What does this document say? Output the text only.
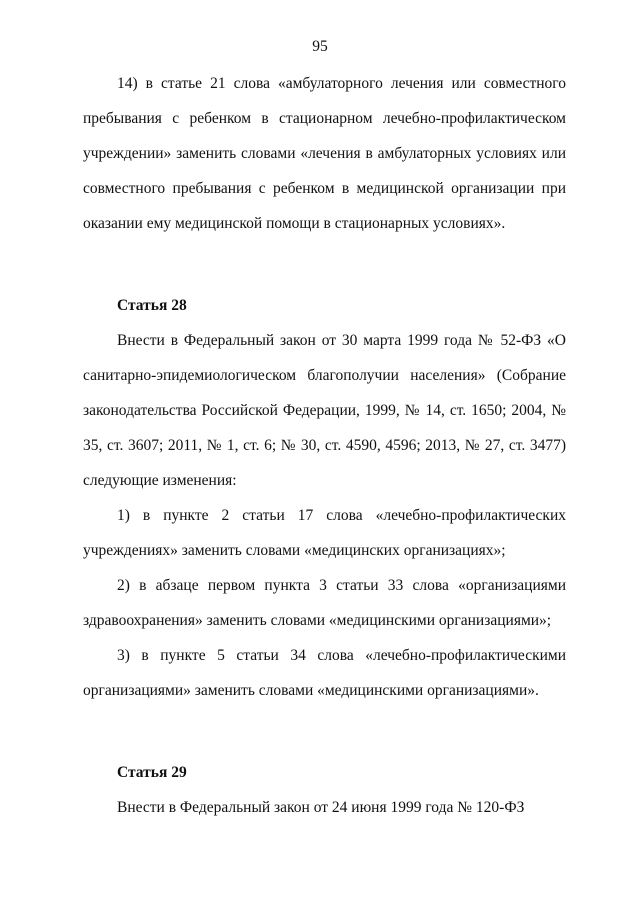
95

14) в статье 21 слова «амбулаторного лечения или совместного пребывания с ребенком в стационарном лечебно-профилактическом учреждении» заменить словами «лечения в амбулаторных условиях или совместного пребывания с ребенком в медицинской организации при оказании ему медицинской помощи в стационарных условиях».

Статья 28

Внести в Федеральный закон от 30 марта 1999 года № 52-ФЗ «О санитарно-эпидемиологическом благополучии населения» (Собрание законодательства Российской Федерации, 1999, № 14, ст. 1650; 2004, № 35, ст. 3607; 2011, № 1, ст. 6; № 30, ст. 4590, 4596; 2013, № 27, ст. 3477) следующие изменения:

1) в пункте 2 статьи 17 слова «лечебно-профилактических учреждениях» заменить словами «медицинских организациях»;

2) в абзаце первом пункта 3 статьи 33 слова «организациями здравоохранения» заменить словами «медицинскими организациями»;

3) в пункте 5 статьи 34 слова «лечебно-профилактическими организациями» заменить словами «медицинскими организациями».

Статья 29

Внести в Федеральный закон от 24 июня 1999 года № 120-ФЗ
